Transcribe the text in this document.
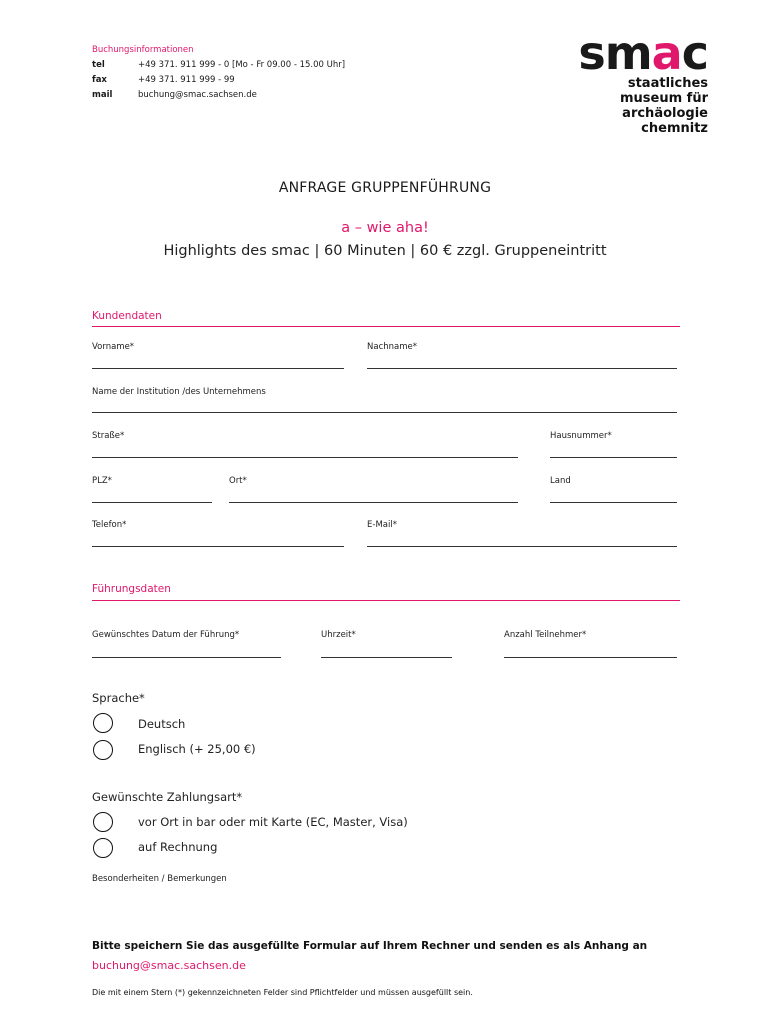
Buchungsinformationen
tel	+49 371. 911 999 - 0 [Mo - Fr 09.00 - 15.00 Uhr]
fax	+49 371. 911 999 - 99
mail	buchung@smac.sachsen.de
smac
staatliches
museum für
archäologie
chemnitz
ANFRAGE GRUPPENFÜHRUNG
a – wie aha!
Highlights des smac | 60 Minuten | 60 € zzgl. Gruppeneintritt
Kundendaten
Vorname*	Nachname*
Name der Institution /des Unternehmens
Straße*	Hausnummer*
PLZ*	Ort*	Land
Telefon*	E-Mail*
Führungsdaten
Gewünschtes Datum der Führung*	Uhrzeit*	Anzahl Teilnehmer*
Sprache*
Deutsch
Englisch (+ 25,00 €)
Gewünschte Zahlungsart*
vor Ort in bar oder mit Karte (EC, Master, Visa)
auf Rechnung
Besonderheiten / Bemerkungen
Bitte speichern Sie das ausgefüllte Formular auf Ihrem Rechner und senden es als Anhang an
buchung@smac.sachsen.de
Die mit einem Stern (*) gekennzeichneten Felder sind Pflichtfelder und müssen ausgefüllt sein.
